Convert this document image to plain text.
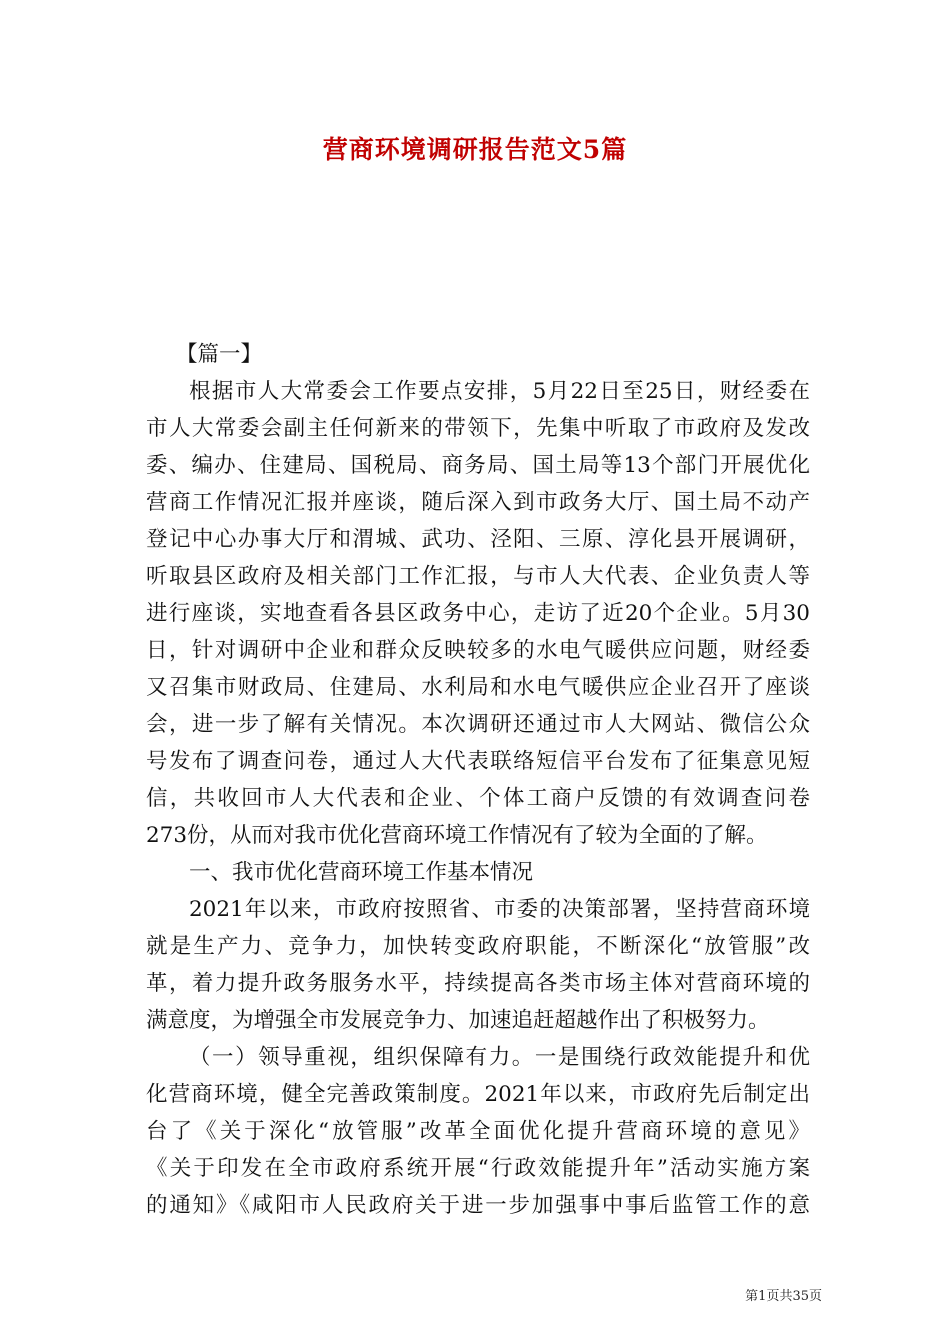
营商环境调研报告范文5篇

【篇一】

根据市人大常委会工作要点安排，5月22日至25日，财经委在

市人大常委会副主任何新来的带领下，先集中听取了市政府及发改

委、编办、住建局、国税局、商务局、国土局等13个部门开展优化

营商工作情况汇报并座谈，随后深入到市政务大厅、国土局不动产

登记中心办事大厅和渭城、武功、泾阳、三原、淳化县开展调研，

听取县区政府及相关部门工作汇报，与市人大代表、企业负责人等

进行座谈，实地查看各县区政务中心，走访了近20个企业。5月30

日，针对调研中企业和群众反映较多的水电气暖供应问题，财经委

又召集市财政局、住建局、水利局和水电气暖供应企业召开了座谈

会，进一步了解有关情况。本次调研还通过市人大网站、微信公众

号发布了调查问卷，通过人大代表联络短信平台发布了征集意见短

信，共收回市人大代表和企业、个体工商户反馈的有效调查问卷

273份，从而对我市优化营商环境工作情况有了较为全面的了解。

一、我市优化营商环境工作基本情况

2021年以来，市政府按照省、市委的决策部署，坚持营商环境

就是生产力、竞争力，加快转变政府职能，不断深化“放管服”改

革，着力提升政务服务水平，持续提高各类市场主体对营商环境的

满意度，为增强全市发展竞争力、加速追赶超越作出了积极努力。

（一）领导重视，组织保障有力。一是围绕行政效能提升和优

化营商环境，健全完善政策制度。2021年以来，市政府先后制定出

台了《关于深化“放管服”改革全面优化提升营商环境的意见》

《关于印发在全市政府系统开展“行政效能提升年”活动实施方案

的通知》《咸阳市人民政府关于进一步加强事中事后监管工作的意

第1页共35页
